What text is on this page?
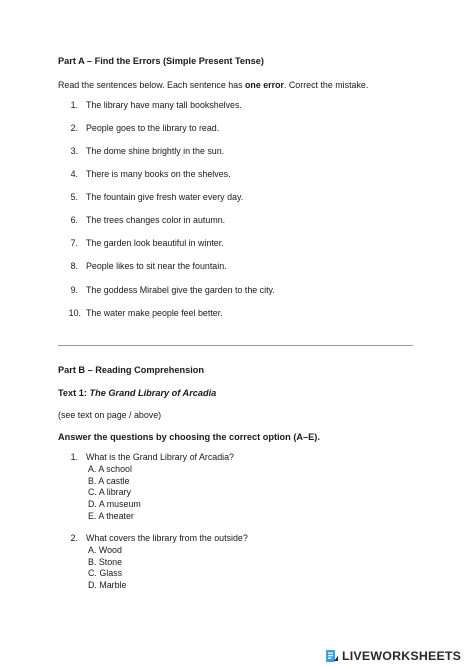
Part A – Find the Errors (Simple Present Tense)
Read the sentences below. Each sentence has one error. Correct the mistake.
1. The library have many tall bookshelves.
2. People goes to the library to read.
3. The dome shine brightly in the sun.
4. There is many books on the shelves.
5. The fountain give fresh water every day.
6. The trees changes color in autumn.
7. The garden look beautiful in winter.
8. People likes to sit near the fountain.
9. The goddess Mirabel give the garden to the city.
10. The water make people feel better.
Part B – Reading Comprehension
Text 1: The Grand Library of Arcadia
(see text on page / above)
Answer the questions by choosing the correct option (A–E).
1. What is the Grand Library of Arcadia?
A. A school
B. A castle
C. A library
D. A museum
E. A theater
2. What covers the library from the outside?
A. Wood
B. Stone
C. Glass
D. Marble
LIVEWORKSHEETS
